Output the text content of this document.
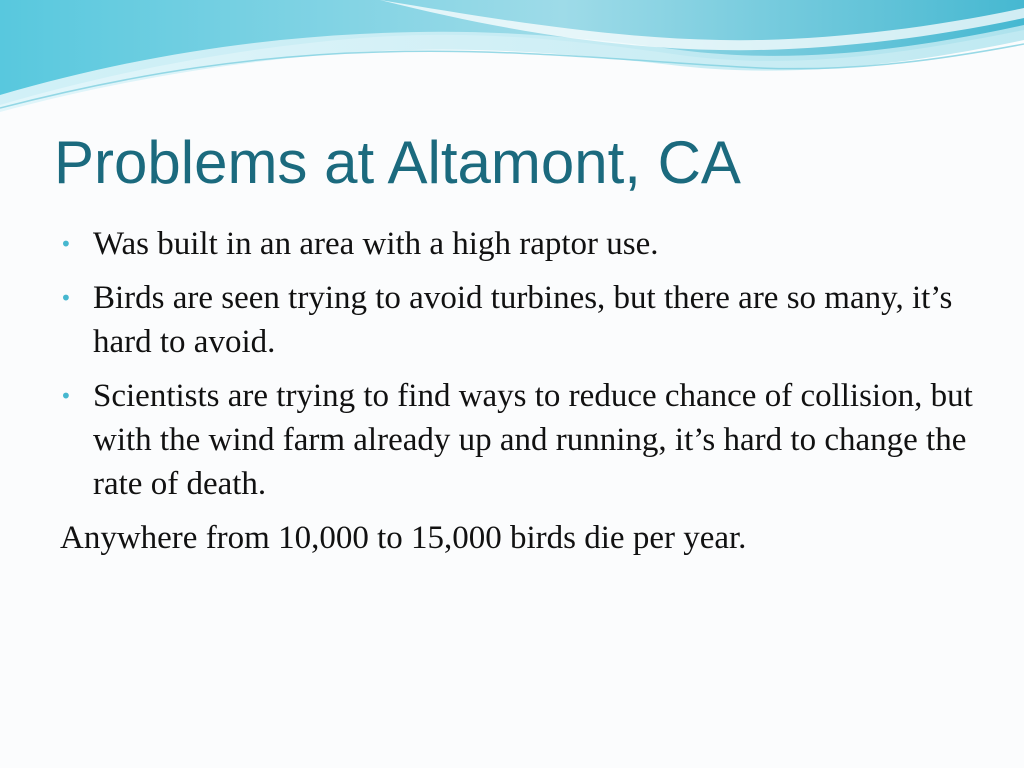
Problems at Altamont, CA
• Was built in an area with a high raptor use.
• Birds are seen trying to avoid turbines, but there are so many, it’s hard to avoid.
• Scientists are trying to find ways to reduce chance of collision, but with the wind farm already up and running, it’s hard to change the rate of death.

Anywhere from 10,000 to 15,000 birds die per year.
